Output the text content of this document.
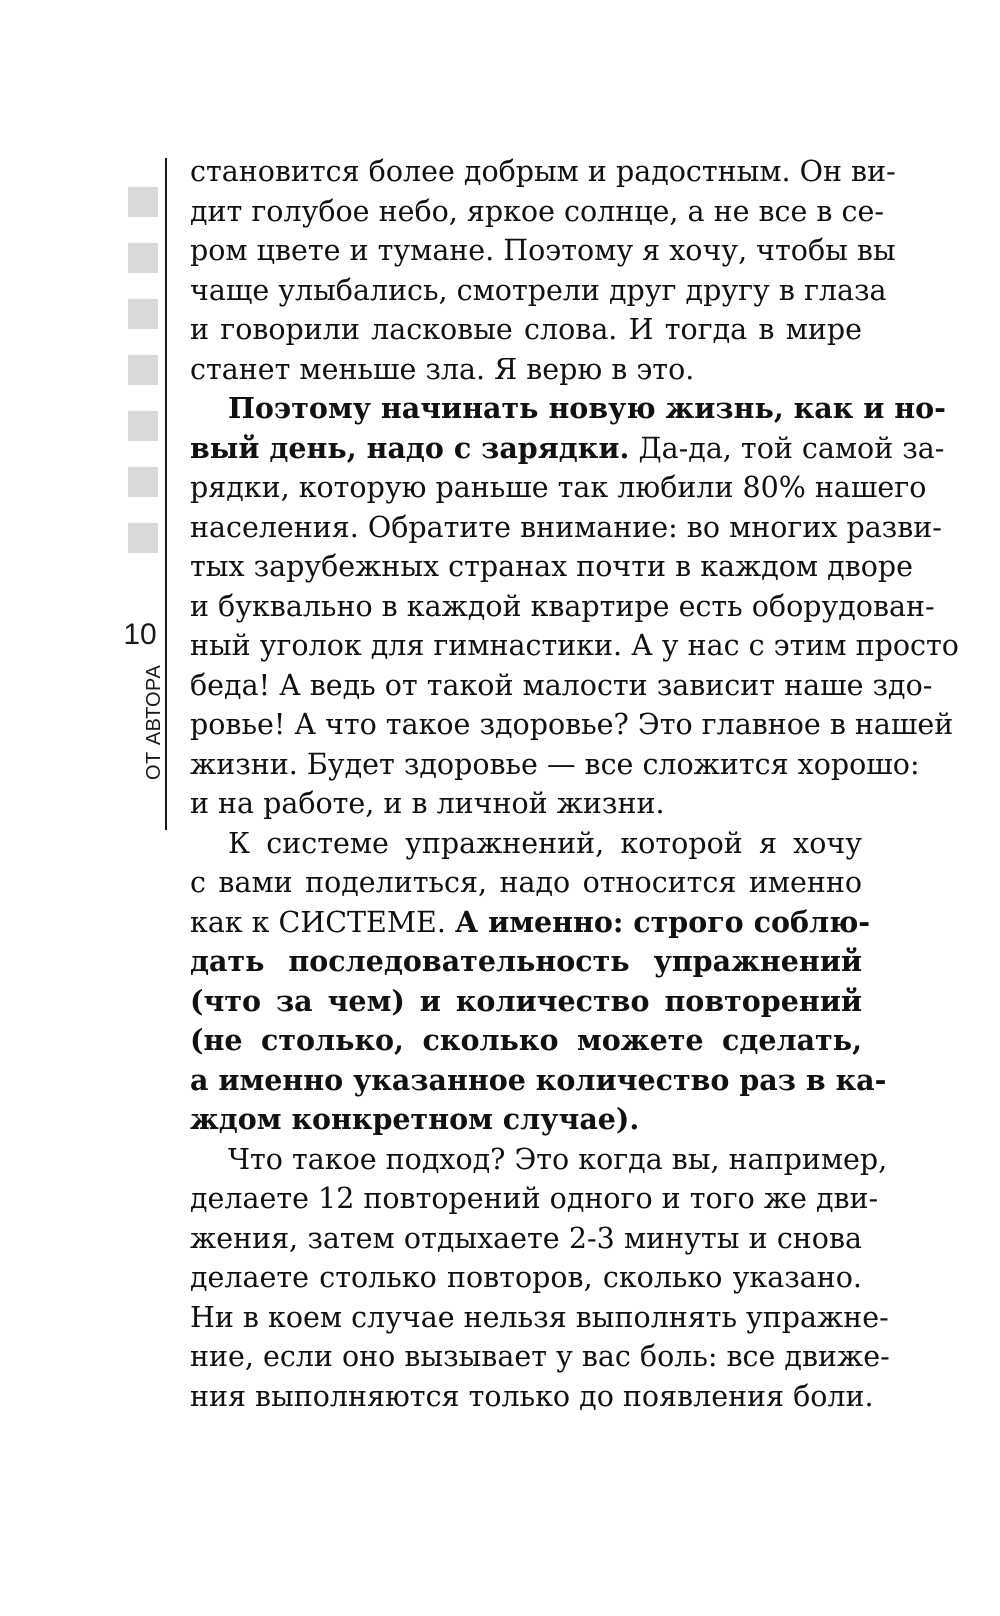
10
ОТ АВТОРА
становится более добрым и радостным. Он ви-
дит голубое небо, яркое солнце, а не все в се-
ром цвете и тумане. Поэтому я хочу, чтобы вы
чаще улыбались, смотрели друг другу в глаза
и говорили ласковые слова. И тогда в мире
станет меньше зла. Я верю в это.
Поэтому начинать новую жизнь, как и но-
вый день, надо с зарядки. Да-да, той самой за-
рядки, которую раньше так любили 80% нашего
населения. Обратите внимание: во многих разви-
тых зарубежных странах почти в каждом дворе
и буквально в каждой квартире есть оборудован-
ный уголок для гимнастики. А у нас с этим просто
беда! А ведь от такой малости зависит наше здо-
ровье! А что такое здоровье? Это главное в нашей
жизни. Будет здоровье — все сложится хорошо:
и на работе, и в личной жизни.
К системе упражнений, которой я хочу
с вами поделиться, надо относится именно
как к СИСТЕМЕ. А именно: строго соблю-
дать последовательность упражнений
(что за чем) и количество повторений
(не столько, сколько можете сделать,
а именно указанное количество раз в ка-
ждом конкретном случае).
Что такое подход? Это когда вы, например,
делаете 12 повторений одного и того же дви-
жения, затем отдыхаете 2-3 минуты и снова
делаете столько повторов, сколько указано.
Ни в коем случае нельзя выполнять упражне-
ние, если оно вызывает у вас боль: все движе-
ния выполняются только до появления боли.
